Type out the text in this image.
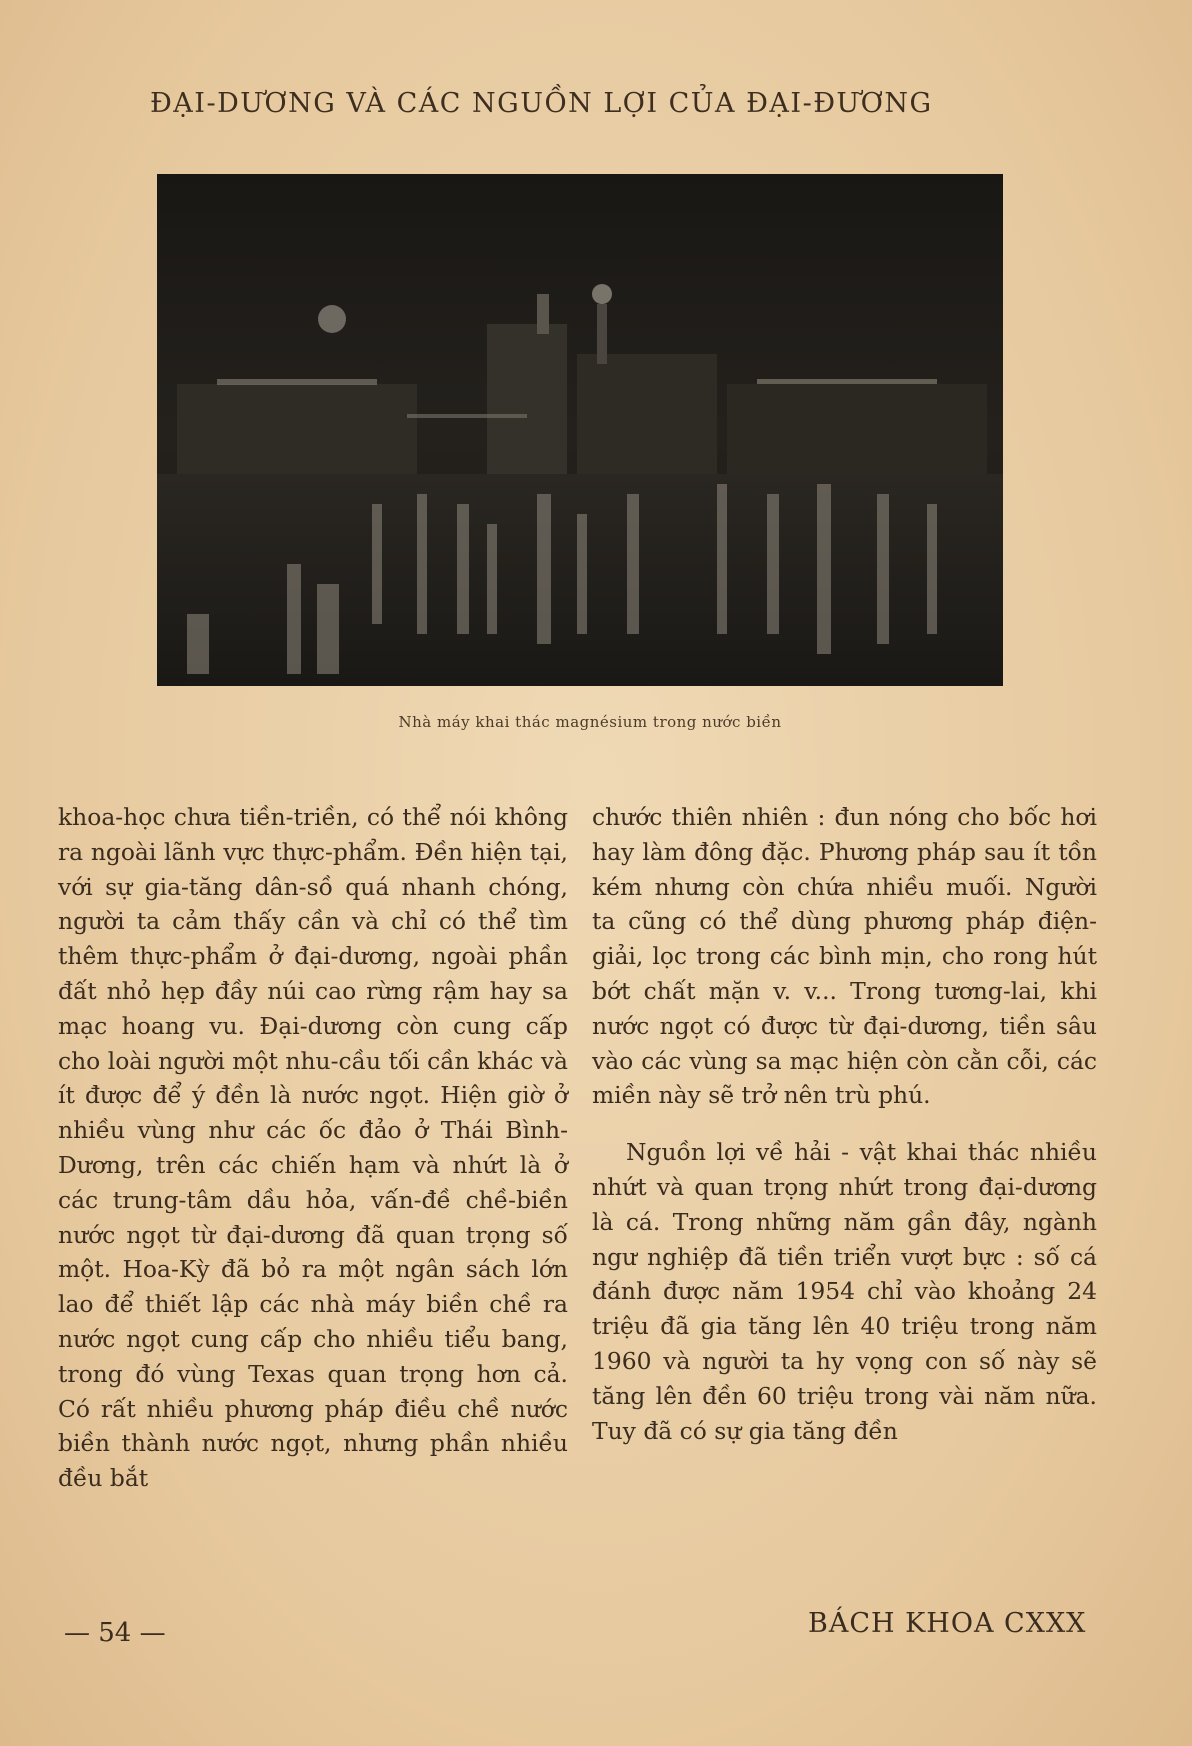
ĐẠI-DƯƠNG VÀ CÁC NGUỒN LỢI CỦA ĐẠI-ĐƯƠNG
Nhà máy khai thác magnésium trong nước biền

khoa-học chưa tiền-triền, có thể nói không ra ngoài lãnh vực thực-phẩm. Đền hiện tại, với sự gia-tăng dân-sồ quá nhanh chóng, người ta cảm thấy cần và chỉ có thể tìm thêm thực-phẩm ở đại-dương, ngoài phần đất nhỏ hẹp đầy núi cao rừng rậm hay sa mạc hoang vu. Đại-dương còn cung cấp cho loài người một nhu-cầu tối cần khác và ít được để ý đền là nước ngọt. Hiện giờ ở nhiều vùng như các ốc đảo ở Thái Bình-Dương, trên các chiến hạm và nhứt là ở các trung-tâm dầu hỏa, vấn-đề chề-biền nước ngọt từ đại-dương đã quan trọng số một. Hoa-Kỳ đã bỏ ra một ngân sách lớn lao để thiết lập các nhà máy biền chề ra nước ngọt cung cấp cho nhiều tiểu bang, trong đó vùng Texas quan trọng hơn cả. Có rất nhiều phương pháp điều chề nước biền thành nước ngọt, nhưng phần nhiều đều bắt

chước thiên nhiên : đun nóng cho bốc hơi hay làm đông đặc. Phương pháp sau ít tồn kém nhưng còn chứa nhiều muối. Người ta cũng có thể dùng phương pháp điện-giải, lọc trong các bình mịn, cho rong hút bớt chất mặn v. v... Trong tương-lai, khi nước ngọt có được từ đại-dương, tiền sâu vào các vùng sa mạc hiện còn cằn cỗi, các miền này sẽ trở nên trù phú.

Nguồn lợi về hải - vật khai thác nhiều nhứt và quan trọng nhứt trong đại-dương là cá. Trong những năm gần đây, ngành ngư nghiệp đã tiền triển vượt bực : số cá đánh được năm 1954 chỉ vào khoảng 24 triệu đã gia tăng lên 40 triệu trong năm 1960 và người ta hy vọng con số này sẽ tăng lên đền 60 triệu trong vài năm nữa. Tuy đã có sự gia tăng đền

— 54 —	BÁCH KHOA CXXX
